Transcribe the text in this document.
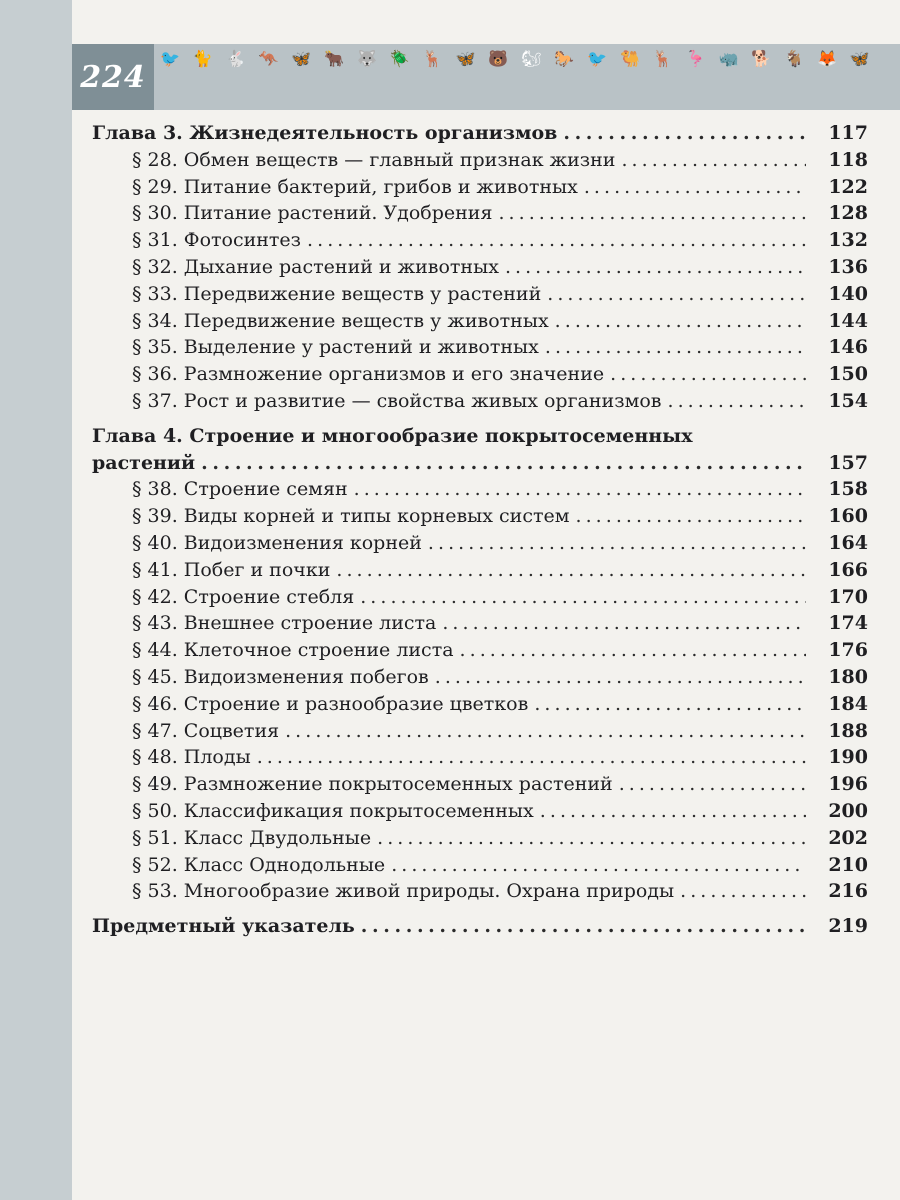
224
🐦 🐈 🐇 🦘 🦋 🐂 🐺 🪲 🦌 🦋 🐻 🐿 🐎 🐦 🐫 🦌 🦩 🦏 🐕 🐐 🦊 🦋
Глава 3. Жизнедеятельность организмов . . .	117
§ 28. Обмен веществ — главный признак жизни . . .	118
§ 29. Питание бактерий, грибов и животных . . .	122
§ 30. Питание растений. Удобрения . . .	128
§ 31. Фотосинтез . . .	132
§ 32. Дыхание растений и животных . . .	136
§ 33. Передвижение веществ у растений . . .	140
§ 34. Передвижение веществ у животных . . .	144
§ 35. Выделение у растений и животных . . .	146
§ 36. Размножение организмов и его значение . . .	150
§ 37. Рост и развитие — свойства живых организмов . . .	154
Глава 4. Строение и многообразие покрытосеменных
растений . . .	157
§ 38. Строение семян . . .	158
§ 39. Виды корней и типы корневых систем . . .	160
§ 40. Видоизменения корней . . .	164
§ 41. Побег и почки . . .	166
§ 42. Строение стебля . . .	170
§ 43. Внешнее строение листа . . .	174
§ 44. Клеточное строение листа . . .	176
§ 45. Видоизменения побегов . . .	180
§ 46. Строение и разнообразие цветков . . .	184
§ 47. Соцветия . . .	188
§ 48. Плоды . . .	190
§ 49. Размножение покрытосеменных растений . . .	196
§ 50. Классификация покрытосеменных . . .	200
§ 51. Класс Двудольные . . .	202
§ 52. Класс Однодольные . . .	210
§ 53. Многообразие живой природы. Охрана природы . . .	216
Предметный указатель . . .	219
